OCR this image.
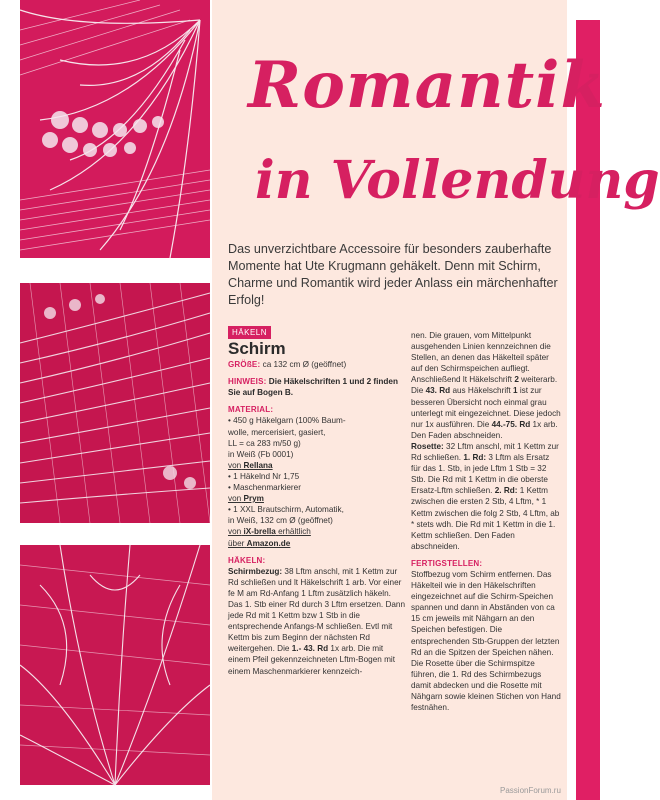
Romantik
in Vollendung
Das unverzichtbare Accessoire für besonders zauberhafte Momente hat Ute Krugmann gehäkelt. Denn mit Schirm, Charme und Romantik wird jeder Anlass ein märchenhafter Erfolg!

HÄKELN

Schirm

GRÖßE: ca 132 cm Ø (geöffnet)

HINWEIS: Die Häkelschriften 1 und 2 finden Sie auf Bogen B.

MATERIAL:

• 450 g Häkelgarn (100% Baum-

wolle, mercerisiert, gasiert,

LL = ca 283 m/50 g)

in Weiß (Fb 0001)

von Rellana

• 1 Häkelnd Nr 1,75

• Maschenmarkierer

von Prym

• 1 XXL Brautschirm, Automatik,

in Weiß, 132 cm Ø (geöffnet)

von iX-brella erhältlich

über Amazon.de

HÄKELN:

Schirmbezug: 38 Lftm anschl, mit 1 Kettm zur Rd schließen und lt Häkelschrift 1 arb. Vor einer fe M am Rd-Anfang 1 Lftm zusätzlich häkeln. Das 1. Stb einer Rd durch 3 Lftm ersetzen. Dann jede Rd mit 1 Kettm bzw 1 Stb in die entsprechende Anfangs-M schließen. Evtl mit Kettm bis zum Beginn der nächsten Rd weitergehen. Die 1.- 43. Rd 1x arb. Die mit einem Pfeil gekennzeichneten Lftm-Bogen mit einem Maschenmarkierer kennzeich-

nen. Die grauen, vom Mittelpunkt ausgehenden Linien kennzeichnen die Stellen, an denen das Häkelteil später auf den Schirmspeichen aufliegt. Anschließend lt Häkelschrift 2 weiterarb. Die 43. Rd aus Häkelschrift 1 ist zur besseren Übersicht noch einmal grau unterlegt mit eingezeichnet. Diese jedoch nur 1x ausführen. Die 44.-75. Rd 1x arb. Den Faden abschneiden.

Rosette: 32 Lftm anschl, mit 1 Kettm zur Rd schließen. 1. Rd: 3 Lftm als Ersatz für das 1. Stb, in jede Lftm 1 Stb = 32 Stb. Die Rd mit 1 Kettm in die oberste Ersatz-Lftm schließen. 2. Rd: 1 Kettm zwischen die ersten 2 Stb, 4 Lftm, * 1 Kettm zwischen die folg 2 Stb, 4 Lftm, ab * stets wdh. Die Rd mit 1 Kettm in die 1. Kettm schließen. Den Faden abschneiden.

FERTIGSTELLEN:

Stoffbezug vom Schirm entfernen. Das Häkelteil wie in den Häkelschriften eingezeichnet auf die Schirm-Speichen spannen und dann in Abständen von ca 15 cm jeweils mit Nähgarn an den Speichen befestigen. Die entsprechenden Stb-Gruppen der letzten Rd an die Spitzen der Speichen nähen. Die Rosette über die Schirmspitze führen, die 1. Rd des Schirmbezugs damit abdecken und die Rosette mit Nähgarn sowie kleinen Stichen von Hand festnähen.

PassionForum.ru
